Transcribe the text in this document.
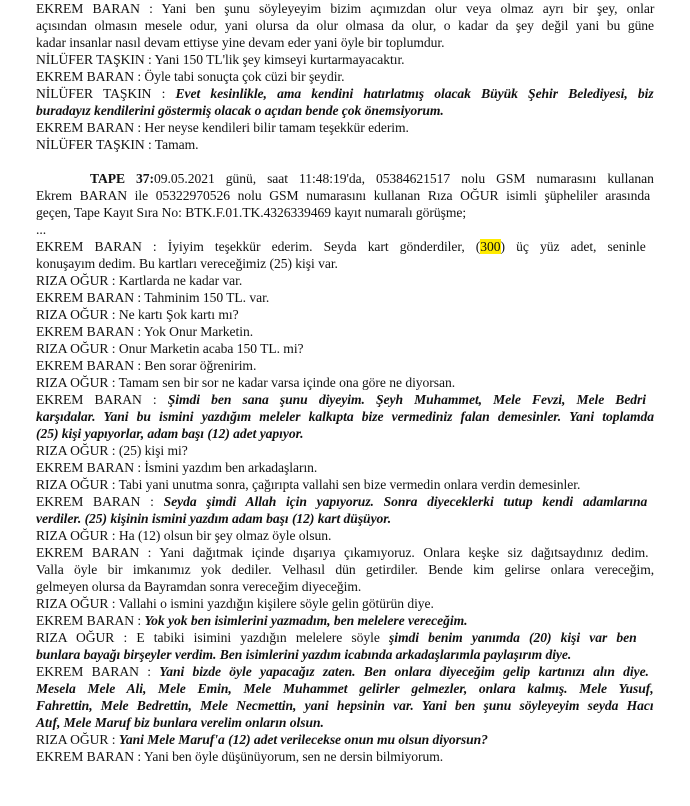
EKREM BARAN : Yani ben şunu söyleyeyim bizim açımızdan olur veya olmaz ayrı bir şey, onlar
açısından olmasın mesele odur, yani olursa da olur olmasa da olur, o kadar da şey değil yani bu güne
kadar insanlar nasıl devam ettiyse yine devam eder yani öyle bir toplumdur.
NİLÜFER TAŞKIN : Yani 150 TL'lik şey kimseyi kurtarmayacaktır.
EKREM BARAN : Öyle tabi sonuçta çok cüzi bir şeydir.
NİLÜFER TAŞKIN : Evet kesinlikle, ama kendini hatırlatmış olacak Büyük Şehir Belediyesi, biz
buradayız kendilerini göstermiş olacak o açıdan bende çok önemsiyorum.
EKREM BARAN : Her neyse kendileri bilir tamam teşekkür ederim.
NİLÜFER TAŞKIN : Tamam.
TAPE 37:09.05.2021 günü, saat 11:48:19'da, 05384621517 nolu GSM numarasını kullanan
Ekrem BARAN ile 05322970526 nolu GSM numarasını kullanan Rıza OĞUR isimli şüpheliler arasında
geçen, Tape Kayıt Sıra No: BTK.F.01.TK.4326339469 kayıt numaralı görüşme;
...
EKREM BARAN : İyiyim teşekkür ederim. Seyda kart gönderdiler, (300) üç yüz adet, seninle
konuşayım dedim. Bu kartları vereceğimiz (25) kişi var.
RIZA OĞUR : Kartlarda ne kadar var.
EKREM BARAN : Tahminim 150 TL. var.
RIZA OĞUR : Ne kartı Şok kartı mı?
EKREM BARAN : Yok Onur Marketin.
RIZA OĞUR : Onur Marketin acaba 150 TL. mi?
EKREM BARAN : Ben sorar öğrenirim.
RIZA OĞUR : Tamam sen bir sor ne kadar varsa içinde ona göre ne diyorsan.
EKREM BARAN : Şimdi ben sana şunu diyeyim. Şeyh Muhammet, Mele Fevzi, Mele Bedri
karşıdalar. Yani bu ismini yazdığım meleler kalkıpta bize vermediniz falan demesinler. Yani toplamda
(25) kişi yapıyorlar, adam başı (12) adet yapıyor.
RIZA OĞUR : (25) kişi mi?
EKREM BARAN : İsmini yazdım ben arkadaşların.
RIZA OĞUR : Tabi yani unutma sonra, çağırıpta vallahi sen bize vermedin onlara verdin demesinler.
EKREM BARAN : Seyda şimdi Allah için yapıyoruz. Sonra diyeceklerki tutup kendi adamlarına
verdiler. (25) kişinin ismini yazdım adam başı (12) kart düşüyor.
RIZA OĞUR : Ha (12) olsun bir şey olmaz öyle olsun.
EKREM BARAN : Yani dağıtmak içinde dışarıya çıkamıyoruz. Onlara keşke siz dağıtsaydınız dedim.
Valla öyle bir imkanımız yok dediler. Velhasıl dün getirdiler. Bende kim gelirse onlara vereceğim,
gelmeyen olursa da Bayramdan sonra vereceğim diyeceğim.
RIZA OĞUR : Vallahi o ismini yazdığın kişilere söyle gelin götürün diye.
EKREM BARAN : Yok yok ben isimlerini yazmadım, ben melelere vereceğim.
RIZA OĞUR : E tabiki isimini yazdığın melelere söyle şimdi benim yanımda (20) kişi var ben
bunlara bayağı birşeyler verdim. Ben isimlerini yazdım icabında arkadaşlarımla paylaşırım diye.
EKREM BARAN : Yani bizde öyle yapacağız zaten. Ben onlara diyeceğim gelip kartınızı alın diye.
Mesela Mele Ali, Mele Emin, Mele Muhammet gelirler gelmezler, onlara kalmış. Mele Yusuf,
Fahrettin, Mele Bedrettin, Mele Necmettin, yani hepsinin var. Yani ben şunu söyleyeyim seyda Hacı
Atıf, Mele Maruf biz bunlara verelim onların olsun.
RIZA OĞUR : Yani Mele Maruf'a (12) adet verilecekse onun mu olsun diyorsun?
EKREM BARAN : Yani ben öyle düşünüyorum, sen ne dersin bilmiyorum.
